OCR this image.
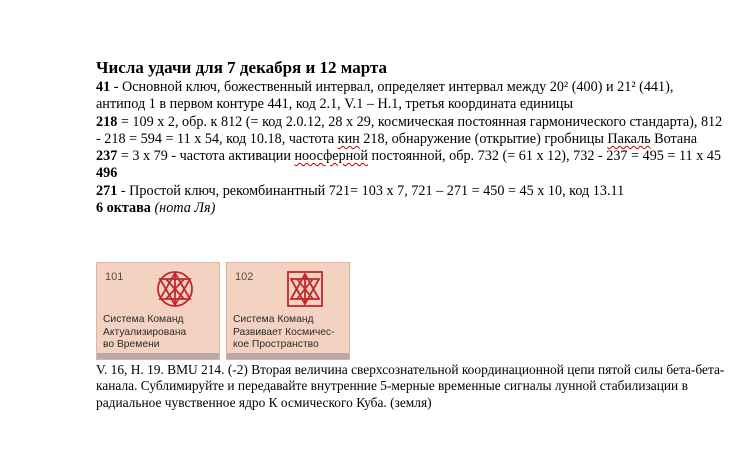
Числа удачи для 7 декабря и 12 марта

41 - Основной ключ, божественный интервал, определяет интервал между 20² (400) и 21² (441), антипод 1 в первом контуре 441, код 2.1, V.1 – H.1, третья координата единицы

218 = 109 x 2, обр. к 812 (= код 2.0.12, 28 x 29, космическая постоянная гармонического стандарта), 812 - 218 = 594 = 11 x 54, код 10.18, частота кин 218, обнаружение (открытие) гробницы Пакаль Вотана

237 = 3 x 79 - частота активации ноосферной постоянной, обр. 732 (= 61 x 12), 732 - 237 = 495 = 11 x 45

496

271 - Простой ключ, рекомбинантный 721= 103 x 7, 721 – 271 = 450 = 45 x 10, код 13.11

6 октава (нота Ля)
101
Система Команд
Актуализирована
во Времени
102
Система Команд
Развивает Космичес-
кое Пространство

V. 16, H. 19. BMU 214. (-2) Вторая величина сверхсознательной координационной цепи пятой силы бета-бета-канала. Сублимируйте и передавайте внутренние 5-мерные временные сигналы лунной стабилизации в радиальное чувственное ядро К осмического Куба. (земля)
